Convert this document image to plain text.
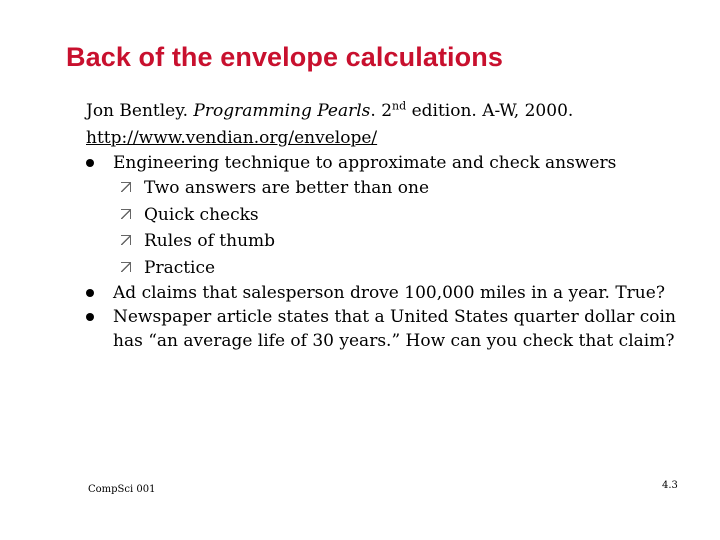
Back of the envelope calculations
Jon Bentley. Programming Pearls. 2nd edition. A-W, 2000.
http://www.vendian.org/envelope/
Engineering technique to approximate and check answers
Two answers are better than one
Quick checks
Rules of thumb
Practice
Ad claims that salesperson drove 100,000 miles in a year. True?
Newspaper article states that a United States quarter dollar coin has “an average life of 30 years.” How can you check that claim?
CompSci 001	4.3
